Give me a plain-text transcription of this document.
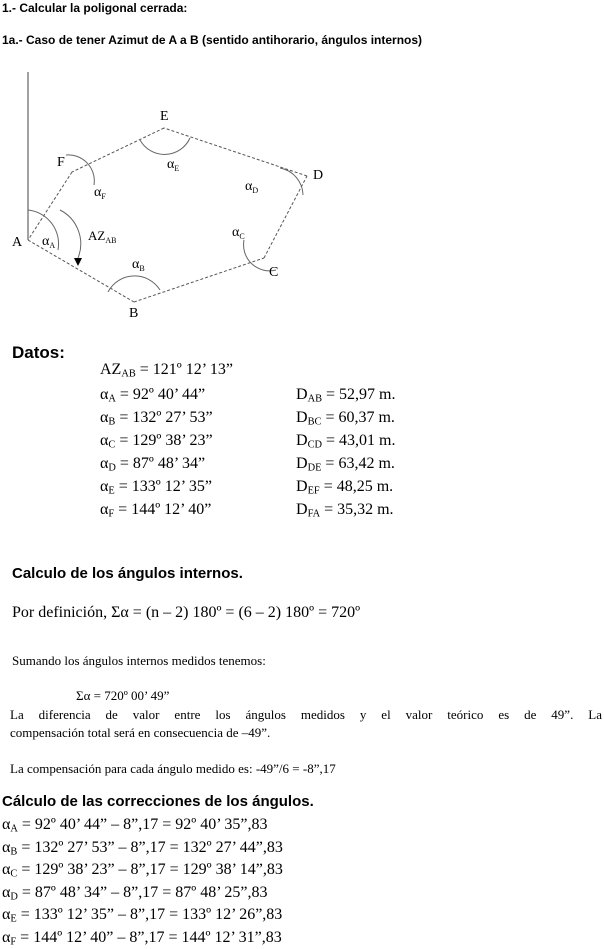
1.- Calcular la poligonal cerrada:
1a.- Caso de tener Azimut de A a B (sentido antihorario, ángulos internos)
A
B
C
D
E
F
$\alpha_A$
$\alpha_B$
$\alpha_C$
$\alpha_D$
$\alpha_E$
$\alpha_F$
$AZ_{AB}$
Datos:
$AZ_{AB}$ = 121º 12’ 13”
$\alpha_A$ = 92º 40’ 44”
$\alpha_B$ = 132º 27’ 53”
$\alpha_C$ = 129º 38’ 23”
$\alpha_D$ = 87º 48’ 34”
$\alpha_E$ = 133º 12’ 35”
$\alpha_F$ = 144º 12’ 40”
$D_{AB} = 52,97$ m.
$D_{BC} = 60,37$ m.
$D_{CD} = 43,01$ m.
$D_{DE} = 63,42$ m.
$D_{EF} = 48,25$ m.
$D_{FA} = 35,32$ m.
Calculo de los ángulos internos.
Por definición, Σα = (n – 2) 180º = (6 – 2) 180º = 720º
Sumando los ángulos internos medidos tenemos:
Σα = 720º 00’ 49”
La diferencia de valor entre los ángulos medidos y el valor teórico es de 49”. La
compensación total será en consecuencia de –49”.
La compensación para cada ángulo medido es: -49”/6 = -8”,17
Cálculo de las correcciones de los ángulos.
$\alpha_A$ = 92º 40’ 44” – 8”,17 = 92º 40’ 35”,83
$\alpha_B$ = 132º 27’ 53” – 8”,17 = 132º 27’ 44”,83
$\alpha_C$ = 129º 38’ 23” – 8”,17 = 129º 38’ 14”,83
$\alpha_D$ = 87º 48’ 34” – 8”,17 = 87º 48’ 25”,83
$\alpha_E$ = 133º 12’ 35” – 8”,17 = 133º 12’ 26”,83
$\alpha_F$ = 144º 12’ 40” – 8”,17 = 144º 12’ 31”,83
